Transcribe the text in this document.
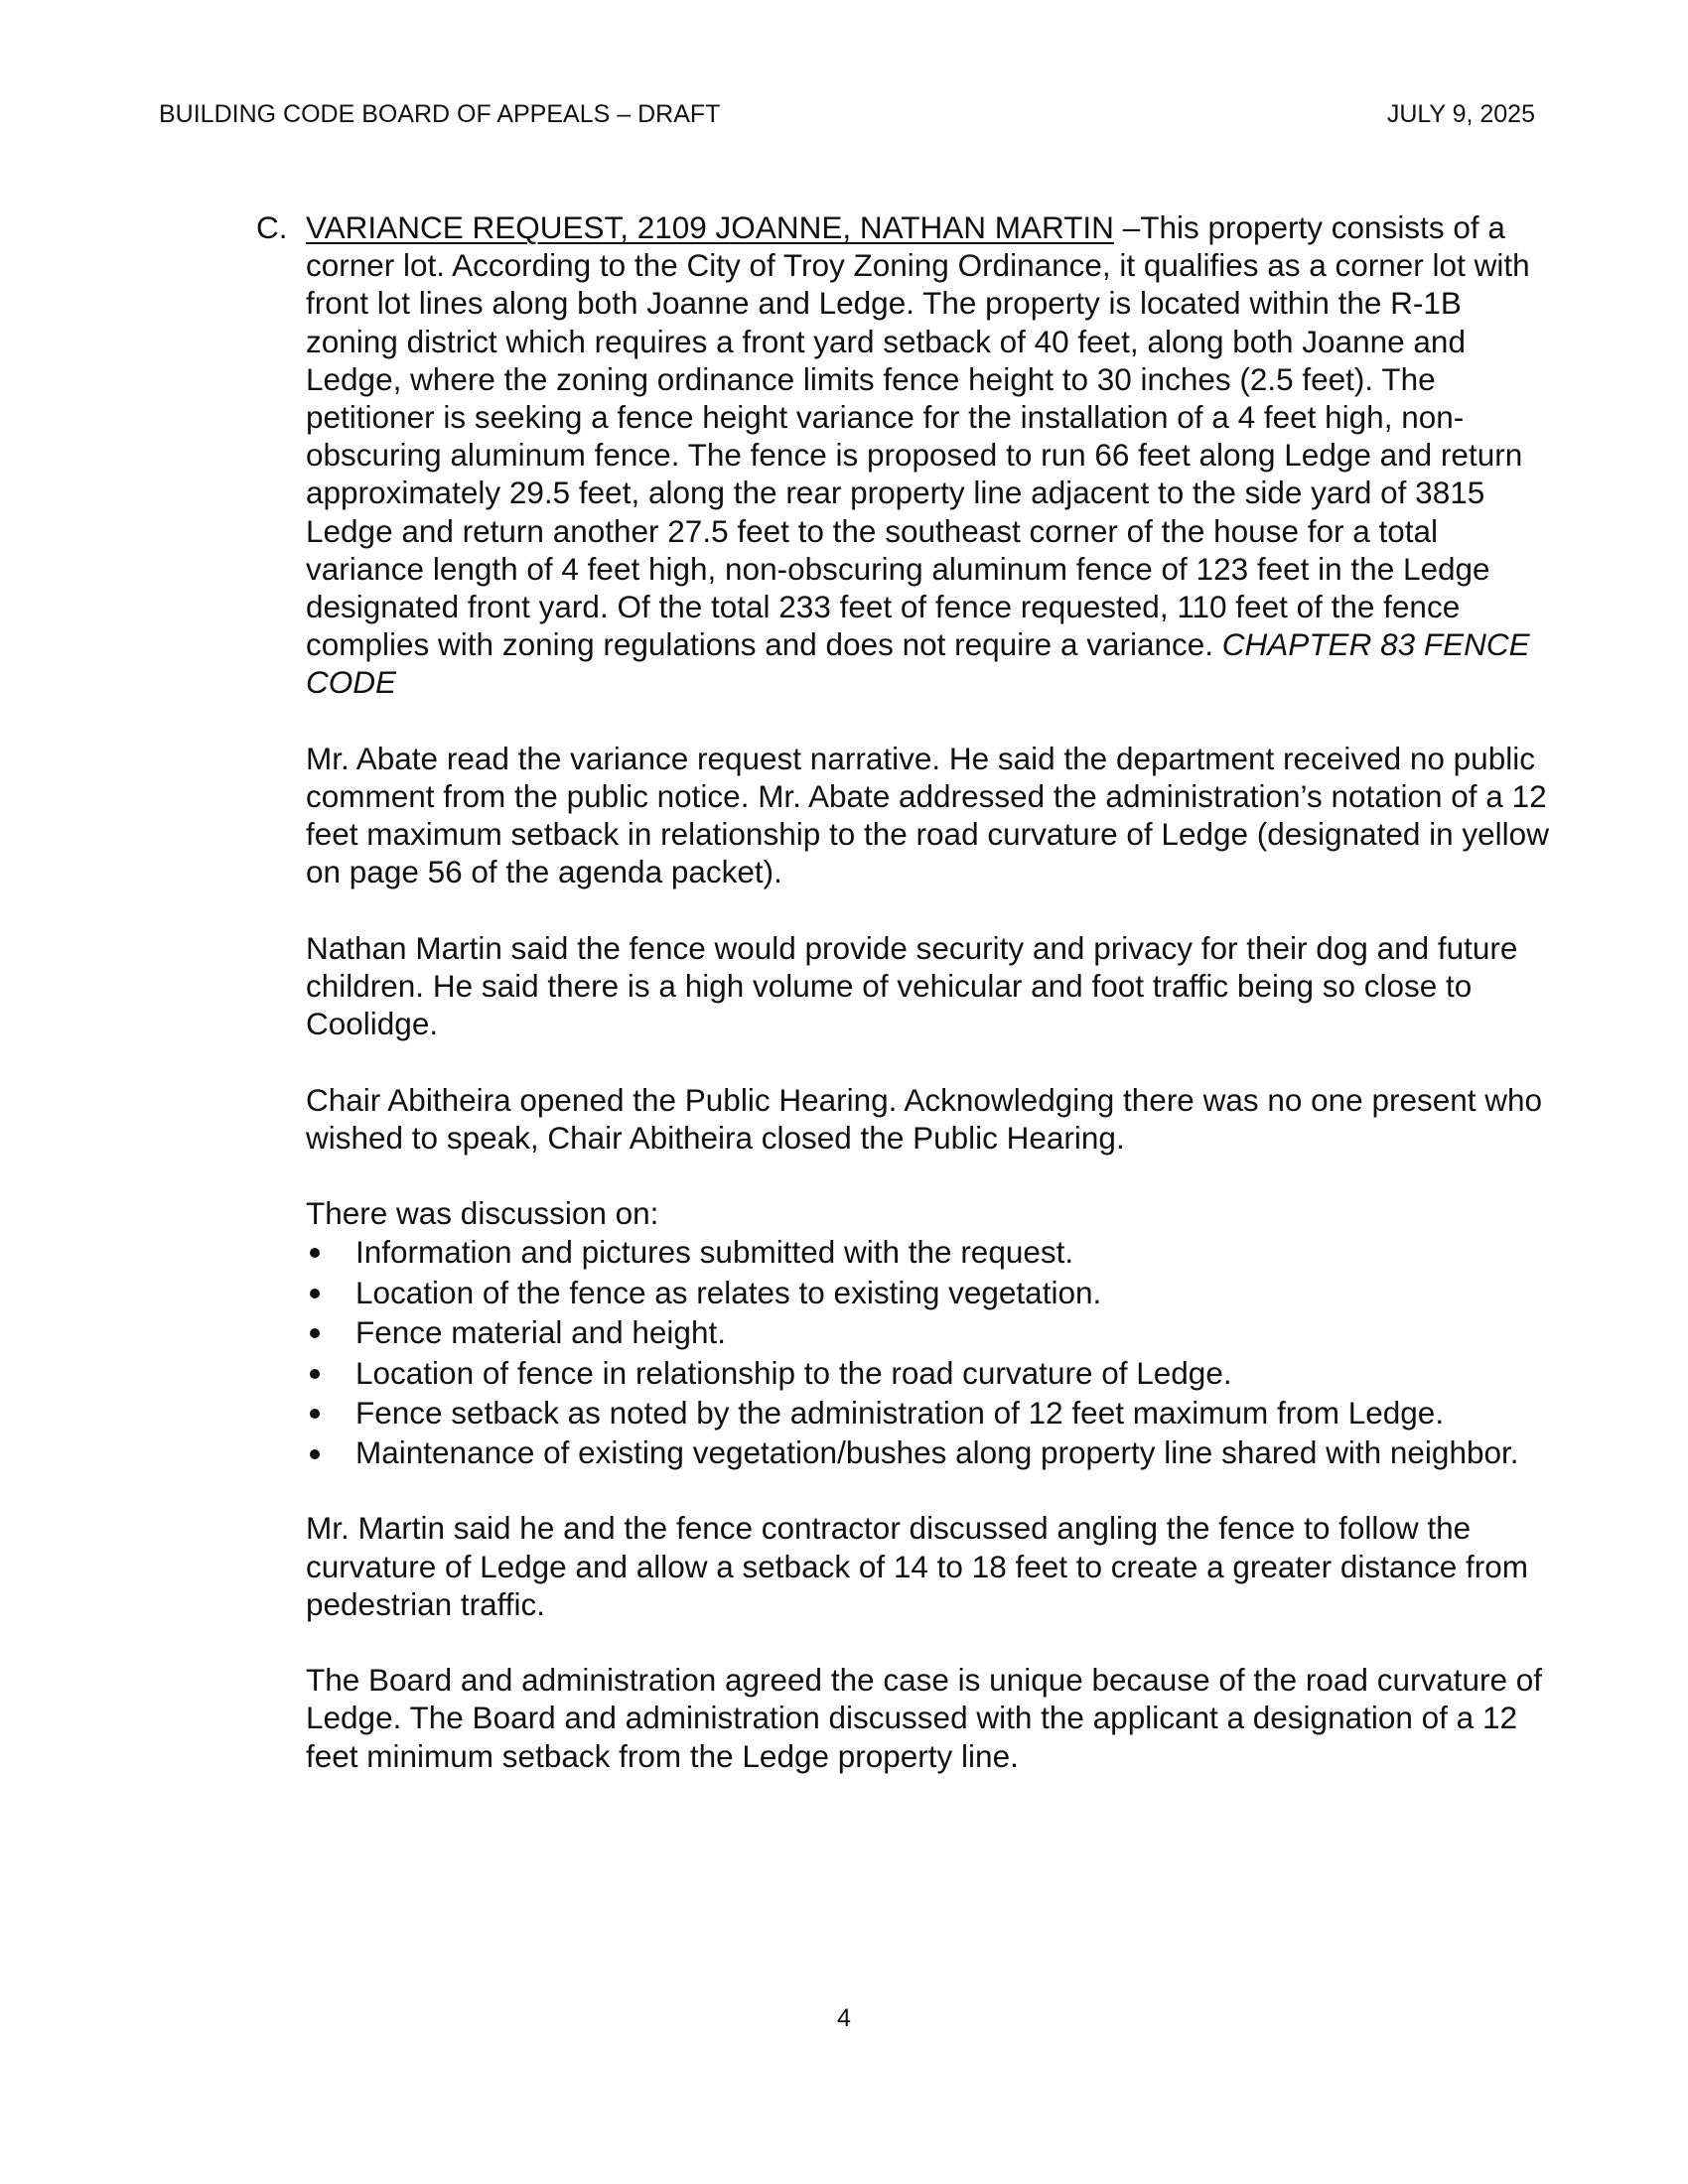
BUILDING CODE BOARD OF APPEALS – DRAFT	JULY 9, 2025
C. VARIANCE REQUEST, 2109 JOANNE, NATHAN MARTIN –This property consists of a corner lot. According to the City of Troy Zoning Ordinance, it qualifies as a corner lot with front lot lines along both Joanne and Ledge. The property is located within the R-1B zoning district which requires a front yard setback of 40 feet, along both Joanne and Ledge, where the zoning ordinance limits fence height to 30 inches (2.5 feet). The petitioner is seeking a fence height variance for the installation of a 4 feet high, non-obscuring aluminum fence. The fence is proposed to run 66 feet along Ledge and return approximately 29.5 feet, along the rear property line adjacent to the side yard of 3815 Ledge and return another 27.5 feet to the southeast corner of the house for a total variance length of 4 feet high, non-obscuring aluminum fence of 123 feet in the Ledge designated front yard. Of the total 233 feet of fence requested, 110 feet of the fence complies with zoning regulations and does not require a variance. CHAPTER 83 FENCE CODE

Mr. Abate read the variance request narrative. He said the department received no public comment from the public notice. Mr. Abate addressed the administration’s notation of a 12 feet maximum setback in relationship to the road curvature of Ledge (designated in yellow on page 56 of the agenda packet).

Nathan Martin said the fence would provide security and privacy for their dog and future children. He said there is a high volume of vehicular and foot traffic being so close to Coolidge.

Chair Abitheira opened the Public Hearing. Acknowledging there was no one present who wished to speak, Chair Abitheira closed the Public Hearing.

There was discussion on:
Information and pictures submitted with the request.
Location of the fence as relates to existing vegetation.
Fence material and height.
Location of fence in relationship to the road curvature of Ledge.
Fence setback as noted by the administration of 12 feet maximum from Ledge.
Maintenance of existing vegetation/bushes along property line shared with neighbor.

Mr. Martin said he and the fence contractor discussed angling the fence to follow the curvature of Ledge and allow a setback of 14 to 18 feet to create a greater distance from pedestrian traffic.

The Board and administration agreed the case is unique because of the road curvature of Ledge. The Board and administration discussed with the applicant a designation of a 12 feet minimum setback from the Ledge property line.

4
